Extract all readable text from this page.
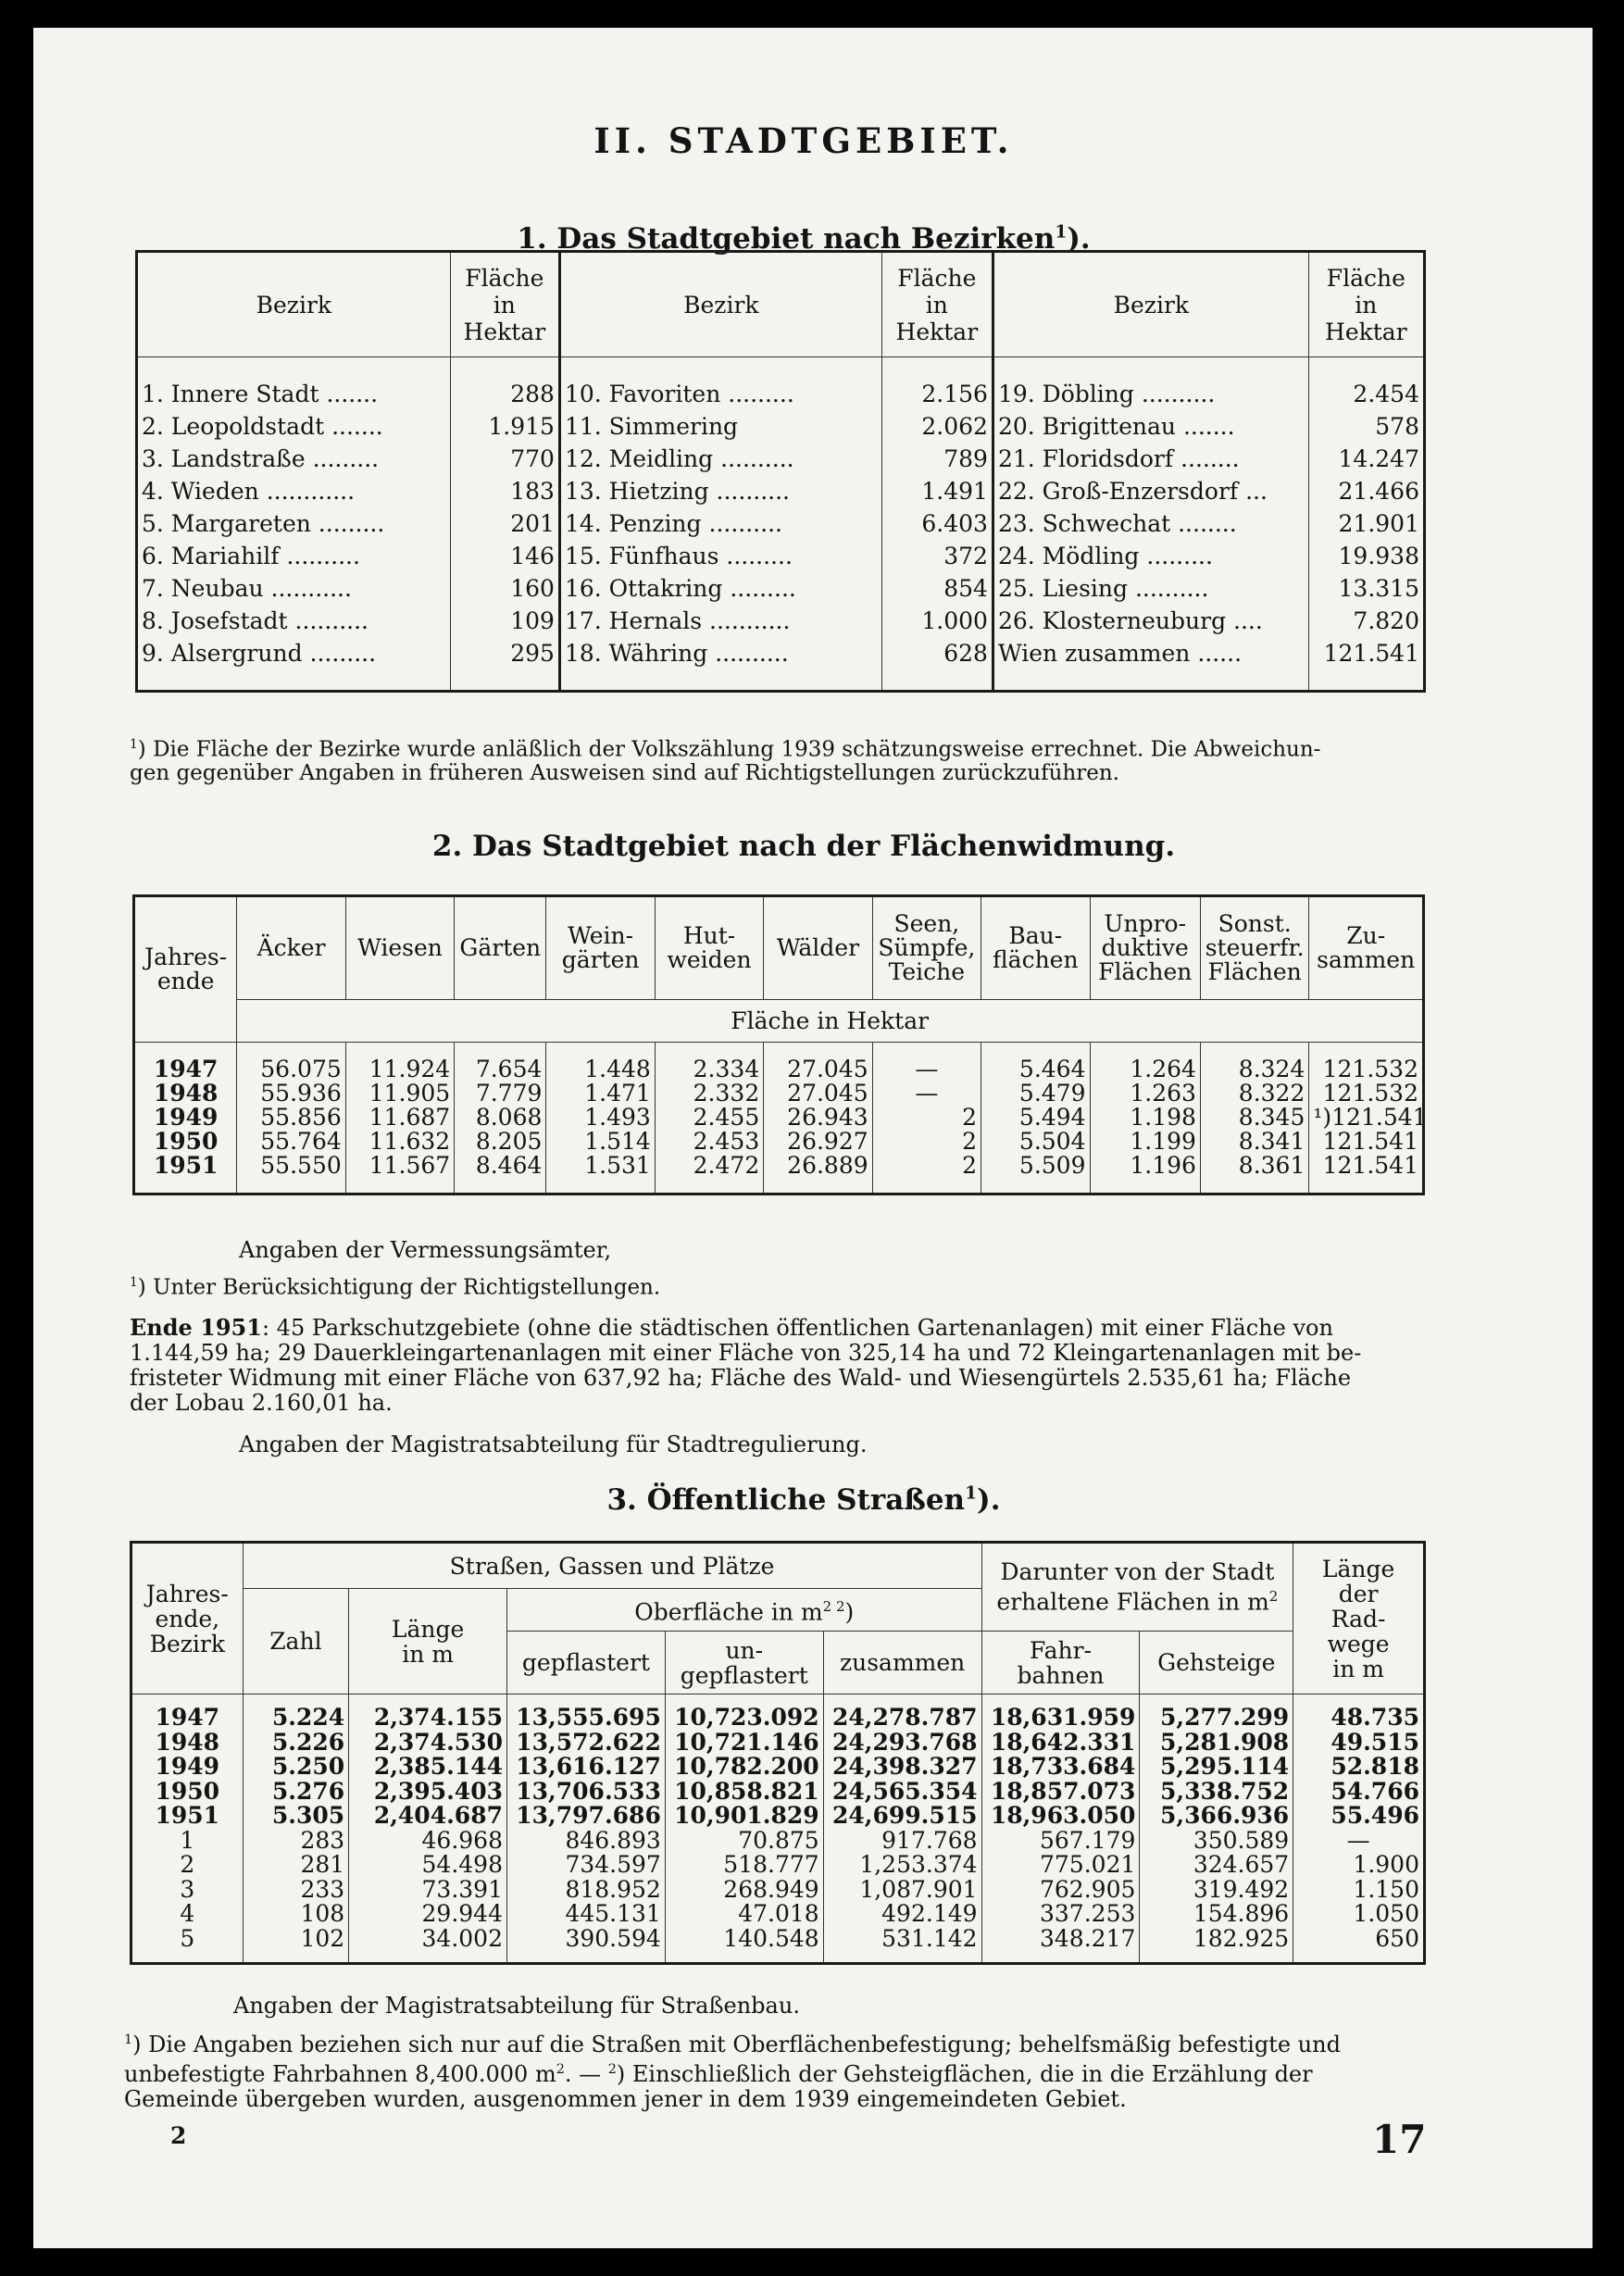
II. STADTGEBIET.
1. Das Stadtgebiet nach Bezirken$^1$).
Bezirk	Fläche
in
Hektar	Bezirk	Fläche
in
Hektar	Bezirk	Fläche
in
Hektar

1. Innere Stadt .......	288	10. Favoriten .........	2.156	19. Döbling ..........	2.454
2. Leopoldstadt .......	1.915	11. Simmering	2.062	20. Brigittenau .......	578
3. Landstraße .........	770	12. Meidling ..........	789	21. Floridsdorf ........	14.247
4. Wieden ............	183	13. Hietzing ..........	1.491	22. Groß-Enzersdorf ...	21.466
5. Margareten .........	201	14. Penzing ..........	6.403	23. Schwechat ........	21.901
6. Mariahilf ..........	146	15. Fünfhaus .........	372	24. Mödling .........	19.938
7. Neubau ...........	160	16. Ottakring .........	854	25. Liesing ..........	13.315
8. Josefstadt ..........	109	17. Hernals ...........	1.000	26. Klosterneuburg ....	7.820
9. Alsergrund .........	295	18. Währing ..........	628	Wien zusammen ......	121.541

$^1$) Die Fläche der Bezirke wurde anläßlich der Volkszählung 1939 schätzungsweise errechnet. Die Abweichun-
gen gegenüber Angaben in früheren Ausweisen sind auf Richtigstellungen zurückzuführen.
2. Das Stadtgebiet nach der Flächenwidmung.
Jahres-
ende	Äcker	Wiesen	Gärten	Wein-
gärten	Hut-
weiden	Wälder	Seen,
Sümpfe,
Teiche	Bau-
flächen	Unpro-
duktive
Flächen	Sonst.
steuerfr.
Flächen	Zu-
sammen
	Fläche in Hektar										

1947	56.075	11.924	7.654	1.448	2.334	27.045	—	5.464	1.264	8.324	121.532
1948	55.936	11.905	7.779	1.471	2.332	27.045	—	5.479	1.263	8.322	121.532
1949	55.856	11.687	8.068	1.493	2.455	26.943	2	5.494	1.198	8.345	¹)121.541
1950	55.764	11.632	8.205	1.514	2.453	26.927	2	5.504	1.199	8.341	121.541
1951	55.550	11.567	8.464	1.531	2.472	26.889	2	5.509	1.196	8.361	121.541

Angaben der Vermessungsämter,
$^1$) Unter Berücksichtigung der Richtigstellungen.
Ende 1951: 45 Parkschutzgebiete (ohne die städtischen öffentlichen Gartenanlagen) mit einer Fläche von
1.144,59 ha; 29 Dauerkleingartenanlagen mit einer Fläche von 325,14 ha und 72 Kleingartenanlagen mit be-
fristeter Widmung mit einer Fläche von 637,92 ha; Fläche des Wald- und Wiesengürtels 2.535,61 ha; Fläche
der Lobau 2.160,01 ha.
Angaben der Magistratsabteilung für Stadtregulierung.
3. Öffentliche Straßen$^1$).
Jahres-
ende,
Bezirk	Straßen, Gassen und Plätze					Darunter von der Stadt
erhaltene Flächen in $m^2$		Länge
der
Rad-
wege
in m
	Zahl	Länge
in m	Oberfläche in $m^{2 2}$)					
			gepflastert	un-
gepflastert	zusammen	Fahr-
bahnen	Gehsteige	

1947	5.224	2,374.155	13,555.695	10,723.092	24,278.787	18,631.959	5,277.299	48.735
1948	5.226	2,374.530	13,572.622	10,721.146	24,293.768	18,642.331	5,281.908	49.515
1949	5.250	2,385.144	13,616.127	10,782.200	24,398.327	18,733.684	5,295.114	52.818
1950	5.276	2,395.403	13,706.533	10,858.821	24,565.354	18,857.073	5,338.752	54.766
1951	5.305	2,404.687	13,797.686	10,901.829	24,699.515	18,963.050	5,366.936	55.496
1	283	46.968	846.893	70.875	917.768	567.179	350.589	—
2	281	54.498	734.597	518.777	1,253.374	775.021	324.657	1.900
3	233	73.391	818.952	268.949	1,087.901	762.905	319.492	1.150
4	108	29.944	445.131	47.018	492.149	337.253	154.896	1.050
5	102	34.002	390.594	140.548	531.142	348.217	182.925	650

Angaben der Magistratsabteilung für Straßenbau.
$^1$) Die Angaben beziehen sich nur auf die Straßen mit Oberflächenbefestigung; behelfsmäßig befestigte und
unbefestigte Fahrbahnen 8,400.000 $m^2$. — $^2$) Einschließlich der Gehsteigflächen, die in die Erzählung der
Gemeinde übergeben wurden, ausgenommen jener in dem 1939 eingemeindeten Gebiet.
2	17
